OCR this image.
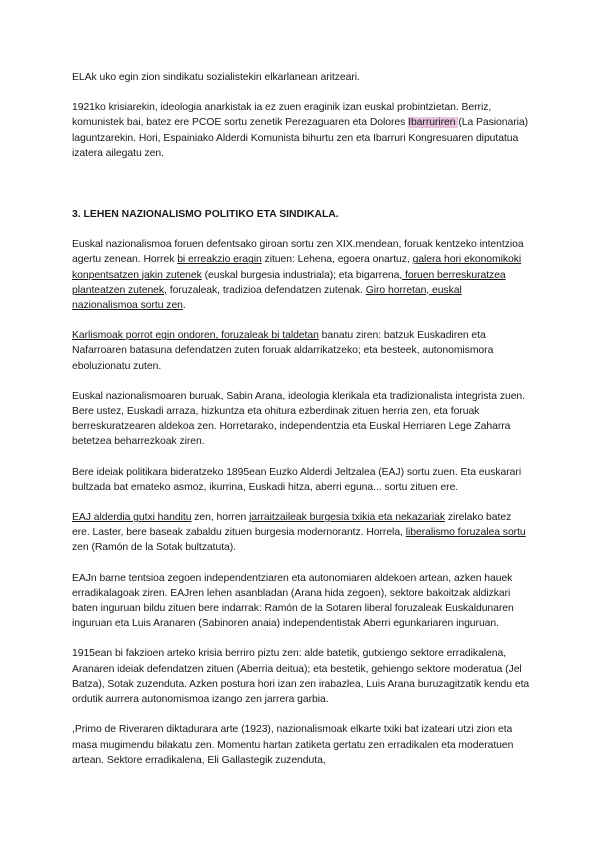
ELAk uko egin zion sindikatu sozialistekin elkarlanean aritzeari.

1921ko krisiarekin, ideologia anarkistak ia ez zuen eraginik izan euskal probintzietan. Berriz, komunistek bai, batez ere PCOE sortu zenetik Perezaguaren eta Dolores Ibarruriren (La Pasionaria) laguntzarekin. Hori, Espainiako Alderdi Komunista bihurtu zen eta Ibarruri Kongresuaren diputatua izatera ailegatu zen.

3. LEHEN NAZIONALISMO POLITIKO ETA SINDIKALA.

Euskal nazionalismoa foruen defentsako giroan sortu zen XIX.mendean, foruak kentzeko intentzioa agertu zenean. Horrek bi erreakzio eragin zituen: Lehena, egoera onartuz, galera hori ekonomikoki konpentsatzen jakin zutenek (euskal burgesia industriala); eta bigarrena, foruen berreskuratzea planteatzen zutenek, foruzaleak, tradizioa defendatzen zutenak. Giro horretan, euskal nazionalismoa sortu zen.

Karlismoak porrot egin ondoren, foruzaleak bi taldetan banatu ziren: batzuk Euskadiren eta Nafarroaren batasuna defendatzen zuten foruak aldarrikatzeko; eta besteek, autonomismora eboluzionatu zuten.

Euskal nazionalismoaren buruak, Sabin Arana, ideologia klerikala eta tradizionalista integrista zuen. Bere ustez, Euskadi arraza, hizkuntza eta ohitura ezberdinak zituen herria zen, eta foruak berreskuratzearen aldekoa zen. Horretarako, independentzia eta Euskal Herriaren Lege Zaharra betetzea beharrezkoak ziren.

Bere ideiak politikara bideratzeko 1895ean Euzko Alderdi Jeltzalea (EAJ) sortu zuen. Eta euskarari bultzada bat emateko asmoz, ikurrina, Euskadi hitza, aberri eguna... sortu zituen ere.

EAJ alderdia gutxi handitu zen, horren jarraitzaileak burgesia txikia eta nekazariak zirelako batez ere. Laster, bere baseak zabaldu zituen burgesia modernorantz. Horrela, liberalismo foruzalea sortu zen (Ramón de la Sotak bultzatuta).

EAJn barne tentsioa zegoen independentziaren eta autonomiaren aldekoen artean, azken hauek erradikalagoak ziren. EAJren lehen asanbladan (Arana hida zegoen), sektore bakoitzak aldizkari baten inguruan bildu zituen bere indarrak: Ramón de la Sotaren liberal foruzaleak Euskaldunaren inguruan eta Luis Aranaren (Sabinoren anaia) independentistak Aberri egunkariaren inguruan.

1915ean bi fakzioen arteko krisia berriro piztu zen: alde batetik, gutxiengo sektore erradikalena, Aranaren ideiak defendatzen zituen (Aberria deitua); eta bestetik, gehiengo sektore moderatua (Jel Batza), Sotak zuzenduta. Azken postura hori izan zen irabazlea, Luis Arana buruzagitzatik kendu eta ordutik aurrera autonomismoa izango zen jarrera garbia.

,Primo de Riveraren diktadurara arte (1923), nazionalismoak elkarte txiki bat izateari utzi zion eta masa mugimendu bilakatu zen. Momentu hartan zatiketa gertatu zen erradikalen eta moderatuen artean. Sektore erradikalena, Eli Gallastegik zuzenduta,
